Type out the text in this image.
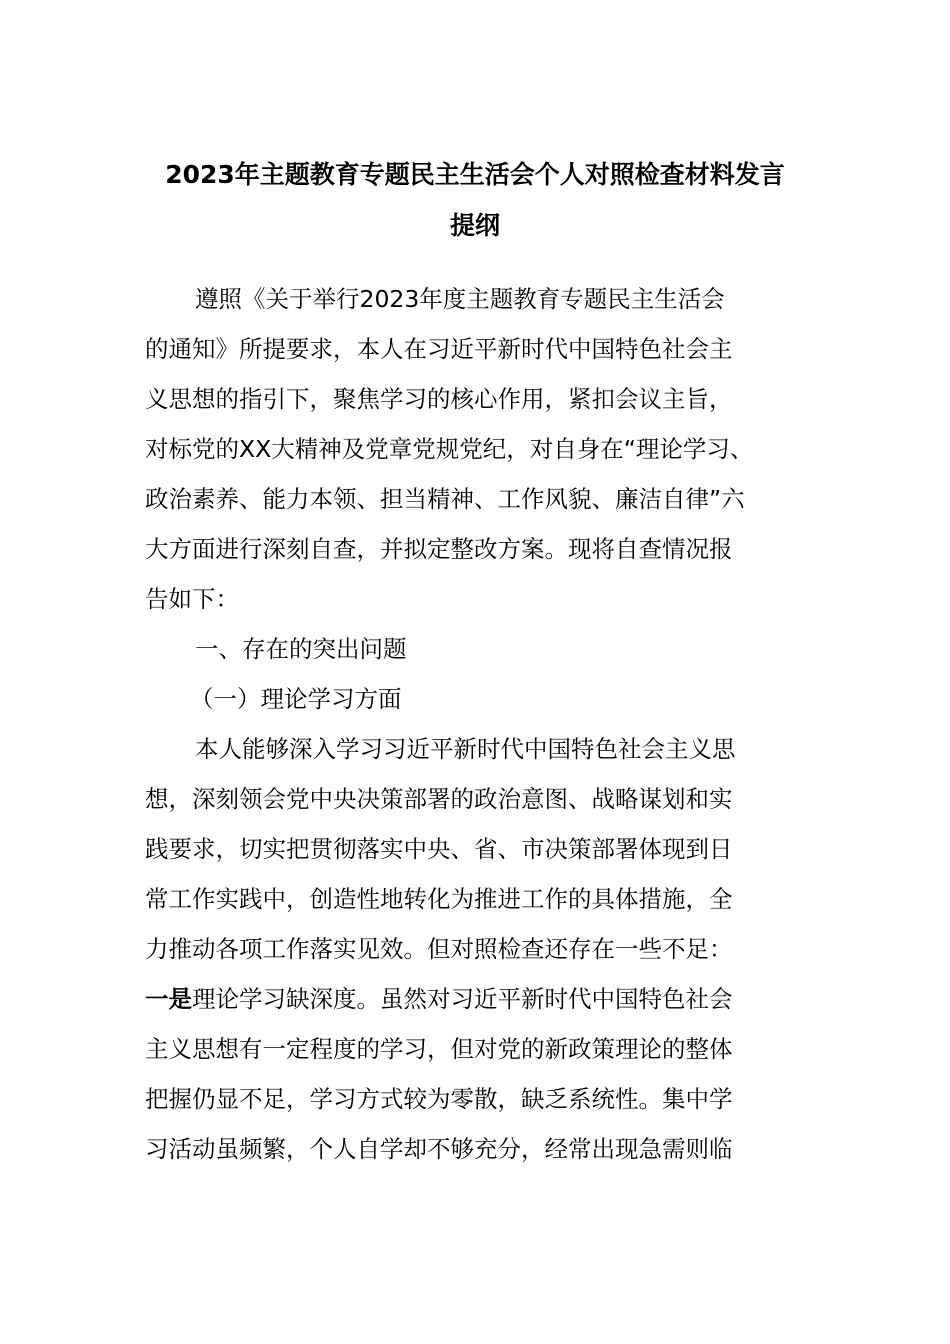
2023年主题教育专题民主生活会个人对照检查材料发言
提纲
遵照《关于举行2023年度主题教育专题民主生活会
的通知》所提要求，本人在习近平新时代中国特色社会主
义思想的指引下，聚焦学习的核心作用，紧扣会议主旨，
对标党的XX大精神及党章党规党纪，对自身在“理论学习、
政治素养、能力本领、担当精神、工作风貌、廉洁自律”六
大方面进行深刻自查，并拟定整改方案。现将自查情况报
告如下：
一、存在的突出问题
（一）理论学习方面
本人能够深入学习习近平新时代中国特色社会主义思
想，深刻领会党中央决策部署的政治意图、战略谋划和实
践要求，切实把贯彻落实中央、省、市决策部署体现到日
常工作实践中，创造性地转化为推进工作的具体措施，全
力推动各项工作落实见效。但对照检查还存在一些不足：
一是理论学习缺深度。虽然对习近平新时代中国特色社会
主义思想有一定程度的学习，但对党的新政策理论的整体
把握仍显不足，学习方式较为零散，缺乏系统性。集中学
习活动虽频繁，个人自学却不够充分，经常出现急需则临
